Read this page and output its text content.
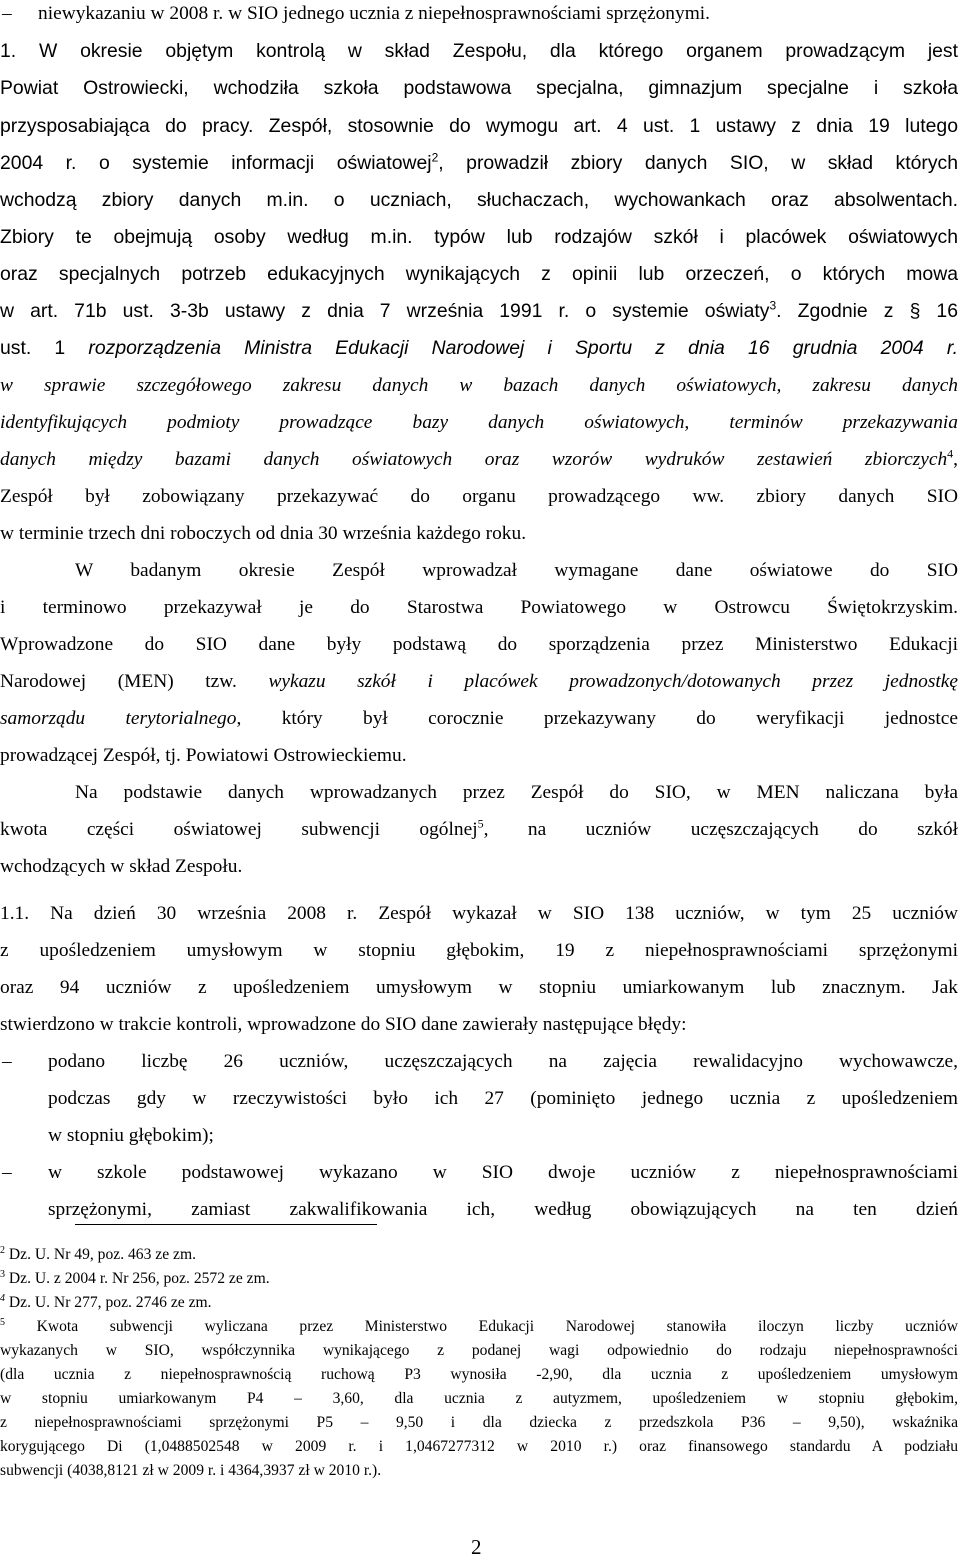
– niewykazaniu w 2008 r. w SIO jednego ucznia z niepełnosprawnościami sprzężonymi.
1. W okresie objętym kontrolą w skład Zespołu, dla którego organem prowadzącym jest
Powiat Ostrowiecki, wchodziła szkoła podstawowa specjalna, gimnazjum specjalne i szkoła
przysposabiająca do pracy. Zespół, stosownie do wymogu art. 4 ust. 1 ustawy z dnia 19 lutego
2004 r. o systemie informacji oświatowej$^2$, prowadził zbiory danych SIO, w skład których
wchodzą zbiory danych m.in. o uczniach, słuchaczach, wychowankach oraz absolwentach.
Zbiory te obejmują osoby według m.in. typów lub rodzajów szkół i placówek oświatowych
oraz specjalnych potrzeb edukacyjnych wynikających z opinii lub orzeczeń, o których mowa
w art. 71b ust. 3-3b ustawy z dnia 7 września 1991 r. o systemie oświaty$^3$. Zgodnie z § 16
ust. 1 rozporządzenia Ministra Edukacji Narodowej i Sportu z dnia 16 grudnia 2004 r.
w sprawie szczegółowego zakresu danych w bazach danych oświatowych, zakresu danych
identyfikujących podmioty prowadzące bazy danych oświatowych, terminów przekazywania
danych między bazami danych oświatowych oraz wzorów wydruków zestawień zbiorczych$^4$,
Zespół był zobowiązany przekazywać do organu prowadzącego ww. zbiory danych SIO
w terminie trzech dni roboczych od dnia 30 września każdego roku.
W badanym okresie Zespół wprowadzał wymagane dane oświatowe do SIO
i terminowo przekazywał je do Starostwa Powiatowego w Ostrowcu Świętokrzyskim.
Wprowadzone do SIO dane były podstawą do sporządzenia przez Ministerstwo Edukacji
Narodowej (MEN) tzw. wykazu szkół i placówek prowadzonych/dotowanych przez jednostkę
samorządu terytorialnego, który był corocznie przekazywany do weryfikacji jednostce
prowadzącej Zespół, tj. Powiatowi Ostrowieckiemu.
Na podstawie danych wprowadzanych przez Zespół do SIO, w MEN naliczana była
kwota części oświatowej subwencji ogólnej$^5$, na uczniów uczęszczających do szkół
wchodzących w skład Zespołu.
1.1. Na dzień 30 września 2008 r. Zespół wykazał w SIO 138 uczniów, w tym 25 uczniów
z upośledzeniem umysłowym w stopniu głębokim, 19 z niepełnosprawnościami sprzężonymi
oraz 94 uczniów z upośledzeniem umysłowym w stopniu umiarkowanym lub znacznym. Jak
stwierdzono w trakcie kontroli, wprowadzone do SIO dane zawierały następujące błędy:
– podano liczbę 26 uczniów, uczęszczających na zajęcia rewalidacyjno wychowawcze,
podczas gdy w rzeczywistości było ich 27 (pominięto jednego ucznia z upośledzeniem
w stopniu głębokim);
– w szkole podstawowej wykazano w SIO dwoje uczniów z niepełnosprawnościami
sprzężonymi, zamiast zakwalifikowania ich, według obowiązujących na ten dzień
$^2$ Dz. U. Nr 49, poz. 463 ze zm.
$^3$ Dz. U. z 2004 r. Nr 256, poz. 2572 ze zm.
$^4$ Dz. U. Nr 277, poz. 2746 ze zm.
$^5$ Kwota subwencji wyliczana przez Ministerstwo Edukacji Narodowej stanowiła iloczyn liczby uczniów
wykazanych w SIO, współczynnika wynikającego z podanej wagi odpowiednio do rodzaju niepełnosprawności
(dla ucznia z niepełnosprawnością ruchową P3 wynosiła -2,90, dla ucznia z upośledzeniem umysłowym
w stopniu umiarkowanym P4 – 3,60, dla ucznia z autyzmem, upośledzeniem w stopniu głębokim,
z niepełnosprawnościami sprzężonymi P5 – 9,50 i dla dziecka z przedszkola P36 – 9,50), wskaźnika
korygującego Di (1,0488502548 w 2009 r. i 1,0467277312 w 2010 r.) oraz finansowego standardu A podziału
subwencji (4038,8121 zł w 2009 r. i 4364,3937 zł w 2010 r.).
2
